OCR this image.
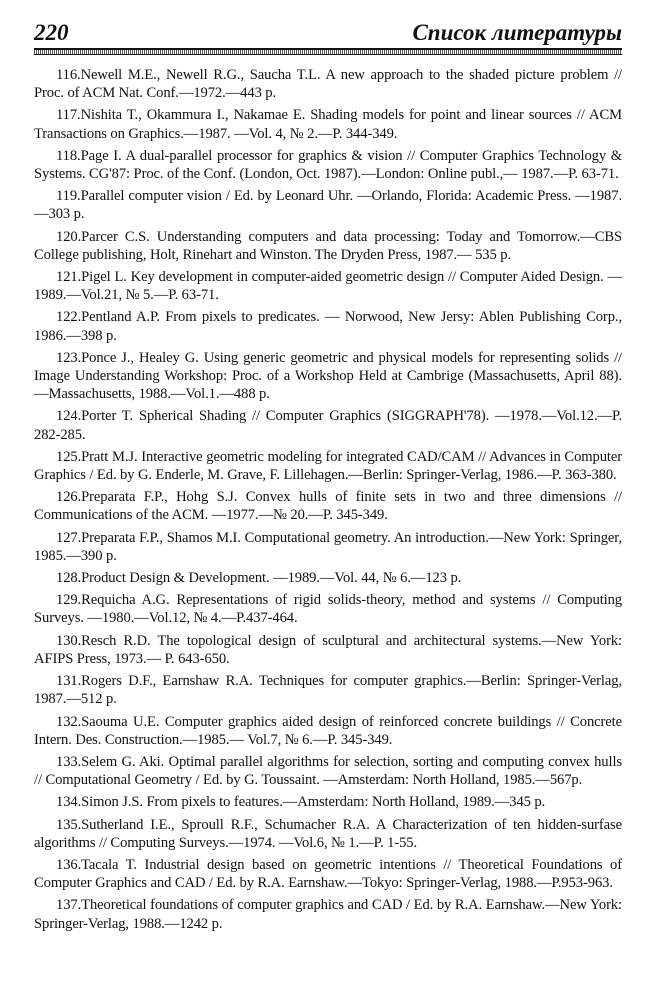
220	Список литературы

116.Newell M.E., Newell R.G., Saucha T.L. A new approach to the shaded picture problem // Proc. of ACM Nat. Conf.—1972.—443 p.

117.Nishita T., Okammura I., Nakamae E. Shading models for point and linear sources // ACM Transactions on Graphics.—1987. —Vol. 4, № 2.—P. 344-349.

118.Page I. A dual-parallel processor for graphics & vision // Computer Graphics Technology & Systems. CG'87: Proc. of the Conf. (London, Oct. 1987).—London: Online publ.,— 1987.—P. 63-71.

119.Parallel computer vision / Ed. by Leonard Uhr. —Orlando, Florida: Academic Press. —1987.—303 p.

120.Parcer C.S. Understanding computers and data processing: Today and Tomorrow.—CBS College publishing, Holt, Rinehart and Winston. The Dryden Press, 1987.— 535 p.

121.Pigel L. Key development in computer-aided geometric design // Computer Aided Design. —1989.—Vol.21, № 5.—P. 63-71.

122.Pentland A.P. From pixels to predicates. — Norwood, New Jersy: Ablen Publishing Corp., 1986.—398 p.

123.Ponce J., Healey G. Using generic geometric and physical models for representing solids // Image Understanding Workshop: Proc. of a Workshop Held at Cambrige (Massachusetts, April 88). —Massachusetts, 1988.—Vol.1.—488 p.

124.Porter T. Spherical Shading // Computer Graphics (SIGGRAPH'78). —1978.—Vol.12.—P. 282-285.

125.Pratt M.J. Interactive geometric modeling for integrated CAD/CAM // Advances in Computer Graphics / Ed. by G. Enderle, M. Grave, F. Lillehagen.—Berlin: Springer-Verlag, 1986.—P. 363-380.

126.Preparata F.P., Hohg S.J. Convex hulls of finite sets in two and three dimensions // Communications of the ACM. —1977.—№ 20.—P. 345-349.

127.Preparata F.P., Shamos M.I. Computational geometry. An introduction.—New York: Springer, 1985.—390 p.

128.Product Design & Development. —1989.—Vol. 44, № 6.—123 p.

129.Requicha A.G. Representations of rigid solids-theory, method and systems // Computing Surveys. —1980.—Vol.12, № 4.—P.437-464.

130.Resch R.D. The topological design of sculptural and architectural systems.—New York: AFIPS Press, 1973.— P. 643-650.

131.Rogers D.F., Earnshaw R.A. Techniques for computer graphics.—Berlin: Springer-Verlag, 1987.—512 p.

132.Saouma U.E. Computer graphics aided design of reinforced concrete buildings // Concrete Intern. Des. Construction.—1985.— Vol.7, № 6.—P. 345-349.

133.Selem G. Aki. Optimal parallel algorithms for selection, sorting and computing convex hulls // Computational Geometry / Ed. by G. Toussaint. —Amsterdam: North Holland, 1985.—567p.

134.Simon J.S. From pixels to features.—Amsterdam: North Holland, 1989.—345 p.

135.Sutherland I.E., Sproull R.F., Schumacher R.A. A Characterization of ten hidden-surfase algorithms // Computing Surveys.—1974. —Vol.6, № 1.—P. 1-55.

136.Tacala T. Industrial design based on geometric intentions // Theoretical Foundations of Computer Graphics and CAD / Ed. by R.A. Earnshaw.—Tokyo: Springer-Verlag, 1988.—P.953-963.

137.Theoretical foundations of computer graphics and CAD / Ed. by R.A. Earnshaw.—New York: Springer-Verlag, 1988.—1242 p.
